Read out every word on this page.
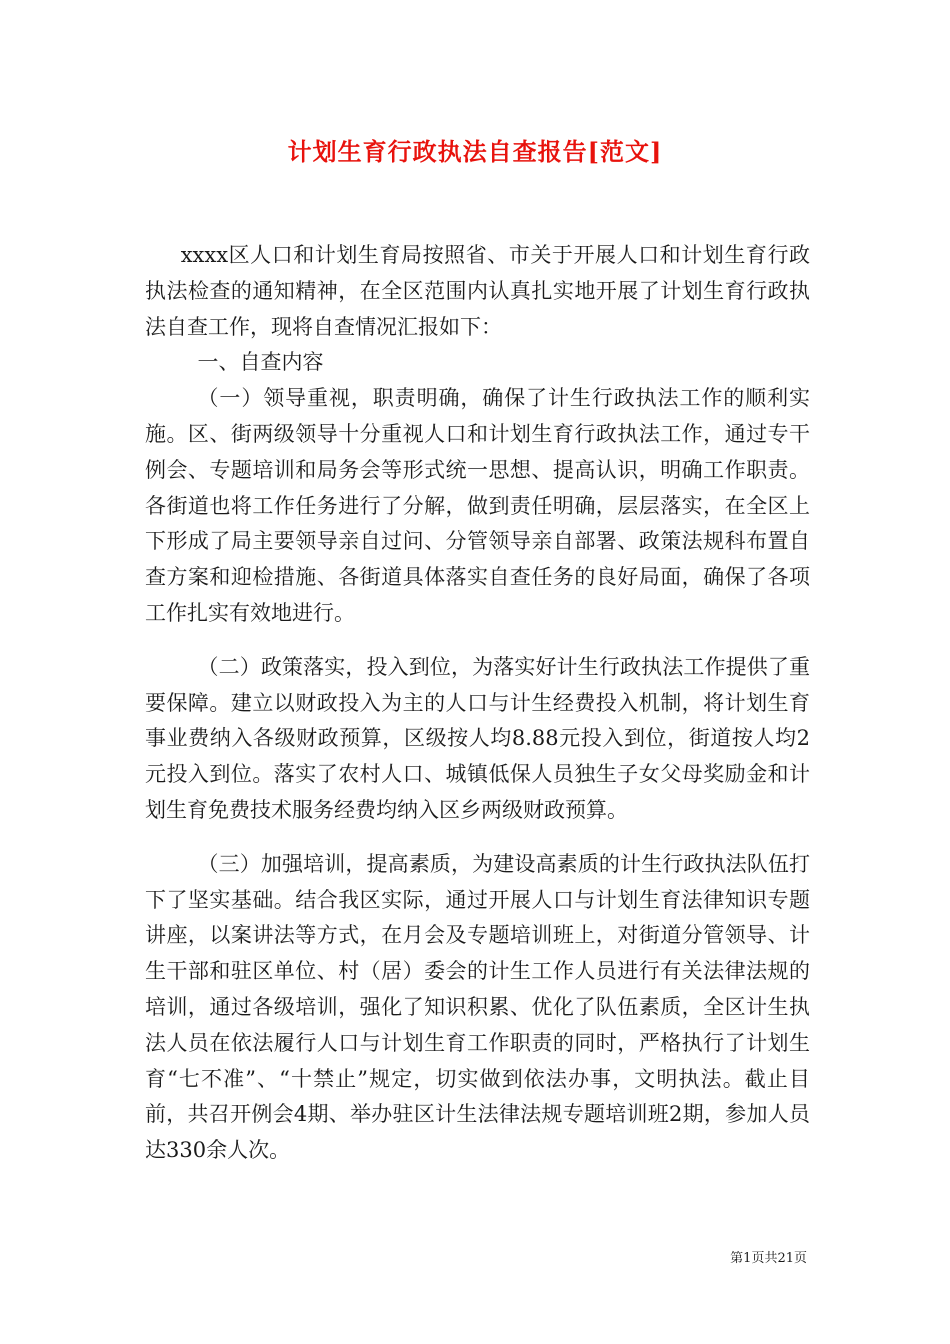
计划生育行政执法自查报告[范文]

xxxx区人口和计划生育局按照省、市关于开展人口和计划生育行政执法检查的通知精神，在全区范围内认真扎实地开展了计划生育行政执法自查工作，现将自查情况汇报如下：

一、自查内容

（一）领导重视，职责明确，确保了计生行政执法工作的顺利实施。区、街两级领导十分重视人口和计划生育行政执法工作，通过专干例会、专题培训和局务会等形式统一思想、提高认识，明确工作职责。各街道也将工作任务进行了分解，做到责任明确，层层落实，在全区上下形成了局主要领导亲自过问、分管领导亲自部署、政策法规科布置自查方案和迎检措施、各街道具体落实自查任务的良好局面，确保了各项工作扎实有效地进行。

（二）政策落实，投入到位，为落实好计生行政执法工作提供了重要保障。建立以财政投入为主的人口与计生经费投入机制，将计划生育事业费纳入各级财政预算，区级按人均8.88元投入到位，街道按人均2元投入到位。落实了农村人口、城镇低保人员独生子女父母奖励金和计划生育免费技术服务经费均纳入区乡两级财政预算。

（三）加强培训，提高素质，为建设高素质的计生行政执法队伍打下了坚实基础。结合我区实际，通过开展人口与计划生育法律知识专题讲座，以案讲法等方式，在月会及专题培训班上，对街道分管领导、计生干部和驻区单位、村（居）委会的计生工作人员进行有关法律法规的培训，通过各级培训，强化了知识积累、优化了队伍素质，全区计生执法人员在依法履行人口与计划生育工作职责的同时，严格执行了计划生育“七不准”、“十禁止”规定，切实做到依法办事，文明执法。截止目前，共召开例会4期、举办驻区计生法律法规专题培训班2期，参加人员达330余人次。

第1页共21页
